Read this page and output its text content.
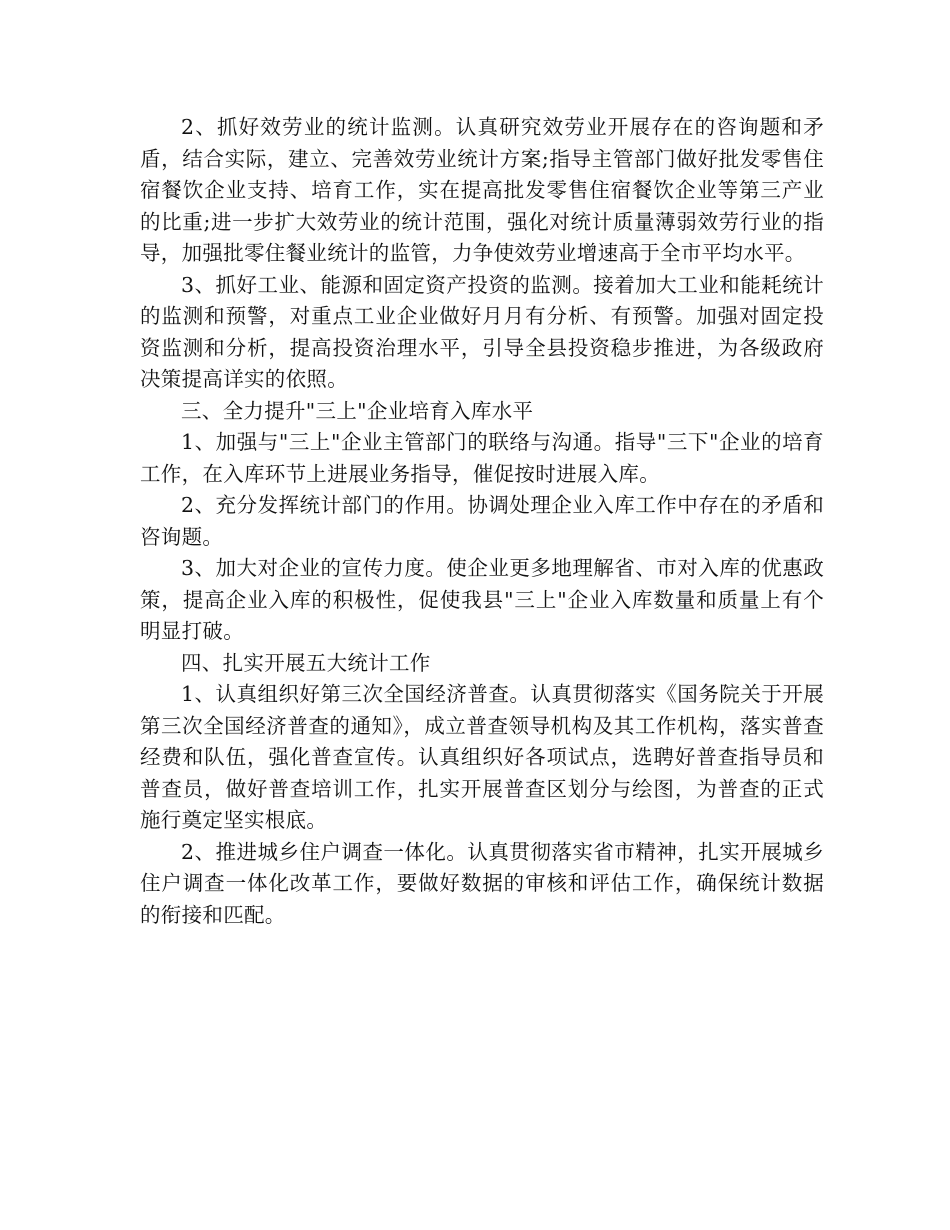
2、抓好效劳业的统计监测。认真研究效劳业开展存在的咨询题和矛盾，结合实际，建立、完善效劳业统计方案;指导主管部门做好批发零售住宿餐饮企业支持、培育工作，实在提高批发零售住宿餐饮企业等第三产业的比重;进一步扩大效劳业的统计范围，强化对统计质量薄弱效劳行业的指导，加强批零住餐业统计的监管，力争使效劳业增速高于全市平均水平。

3、抓好工业、能源和固定资产投资的监测。接着加大工业和能耗统计的监测和预警，对重点工业企业做好月月有分析、有预警。加强对固定投资监测和分析，提高投资治理水平，引导全县投资稳步推进，为各级政府决策提高详实的依照。

三、全力提升"三上"企业培育入库水平

1、加强与"三上"企业主管部门的联络与沟通。指导"三下"企业的培育工作，在入库环节上进展业务指导，催促按时进展入库。

2、充分发挥统计部门的作用。协调处理企业入库工作中存在的矛盾和咨询题。

3、加大对企业的宣传力度。使企业更多地理解省、市对入库的优惠政策，提高企业入库的积极性，促使我县"三上"企业入库数量和质量上有个明显打破。

四、扎实开展五大统计工作

1、认真组织好第三次全国经济普查。认真贯彻落实《国务院关于开展第三次全国经济普查的通知》，成立普查领导机构及其工作机构，落实普查经费和队伍，强化普查宣传。认真组织好各项试点，选聘好普查指导员和普查员，做好普查培训工作，扎实开展普查区划分与绘图，为普查的正式施行奠定坚实根底。

2、推进城乡住户调查一体化。认真贯彻落实省市精神，扎实开展城乡住户调查一体化改革工作，要做好数据的审核和评估工作，确保统计数据的衔接和匹配。
